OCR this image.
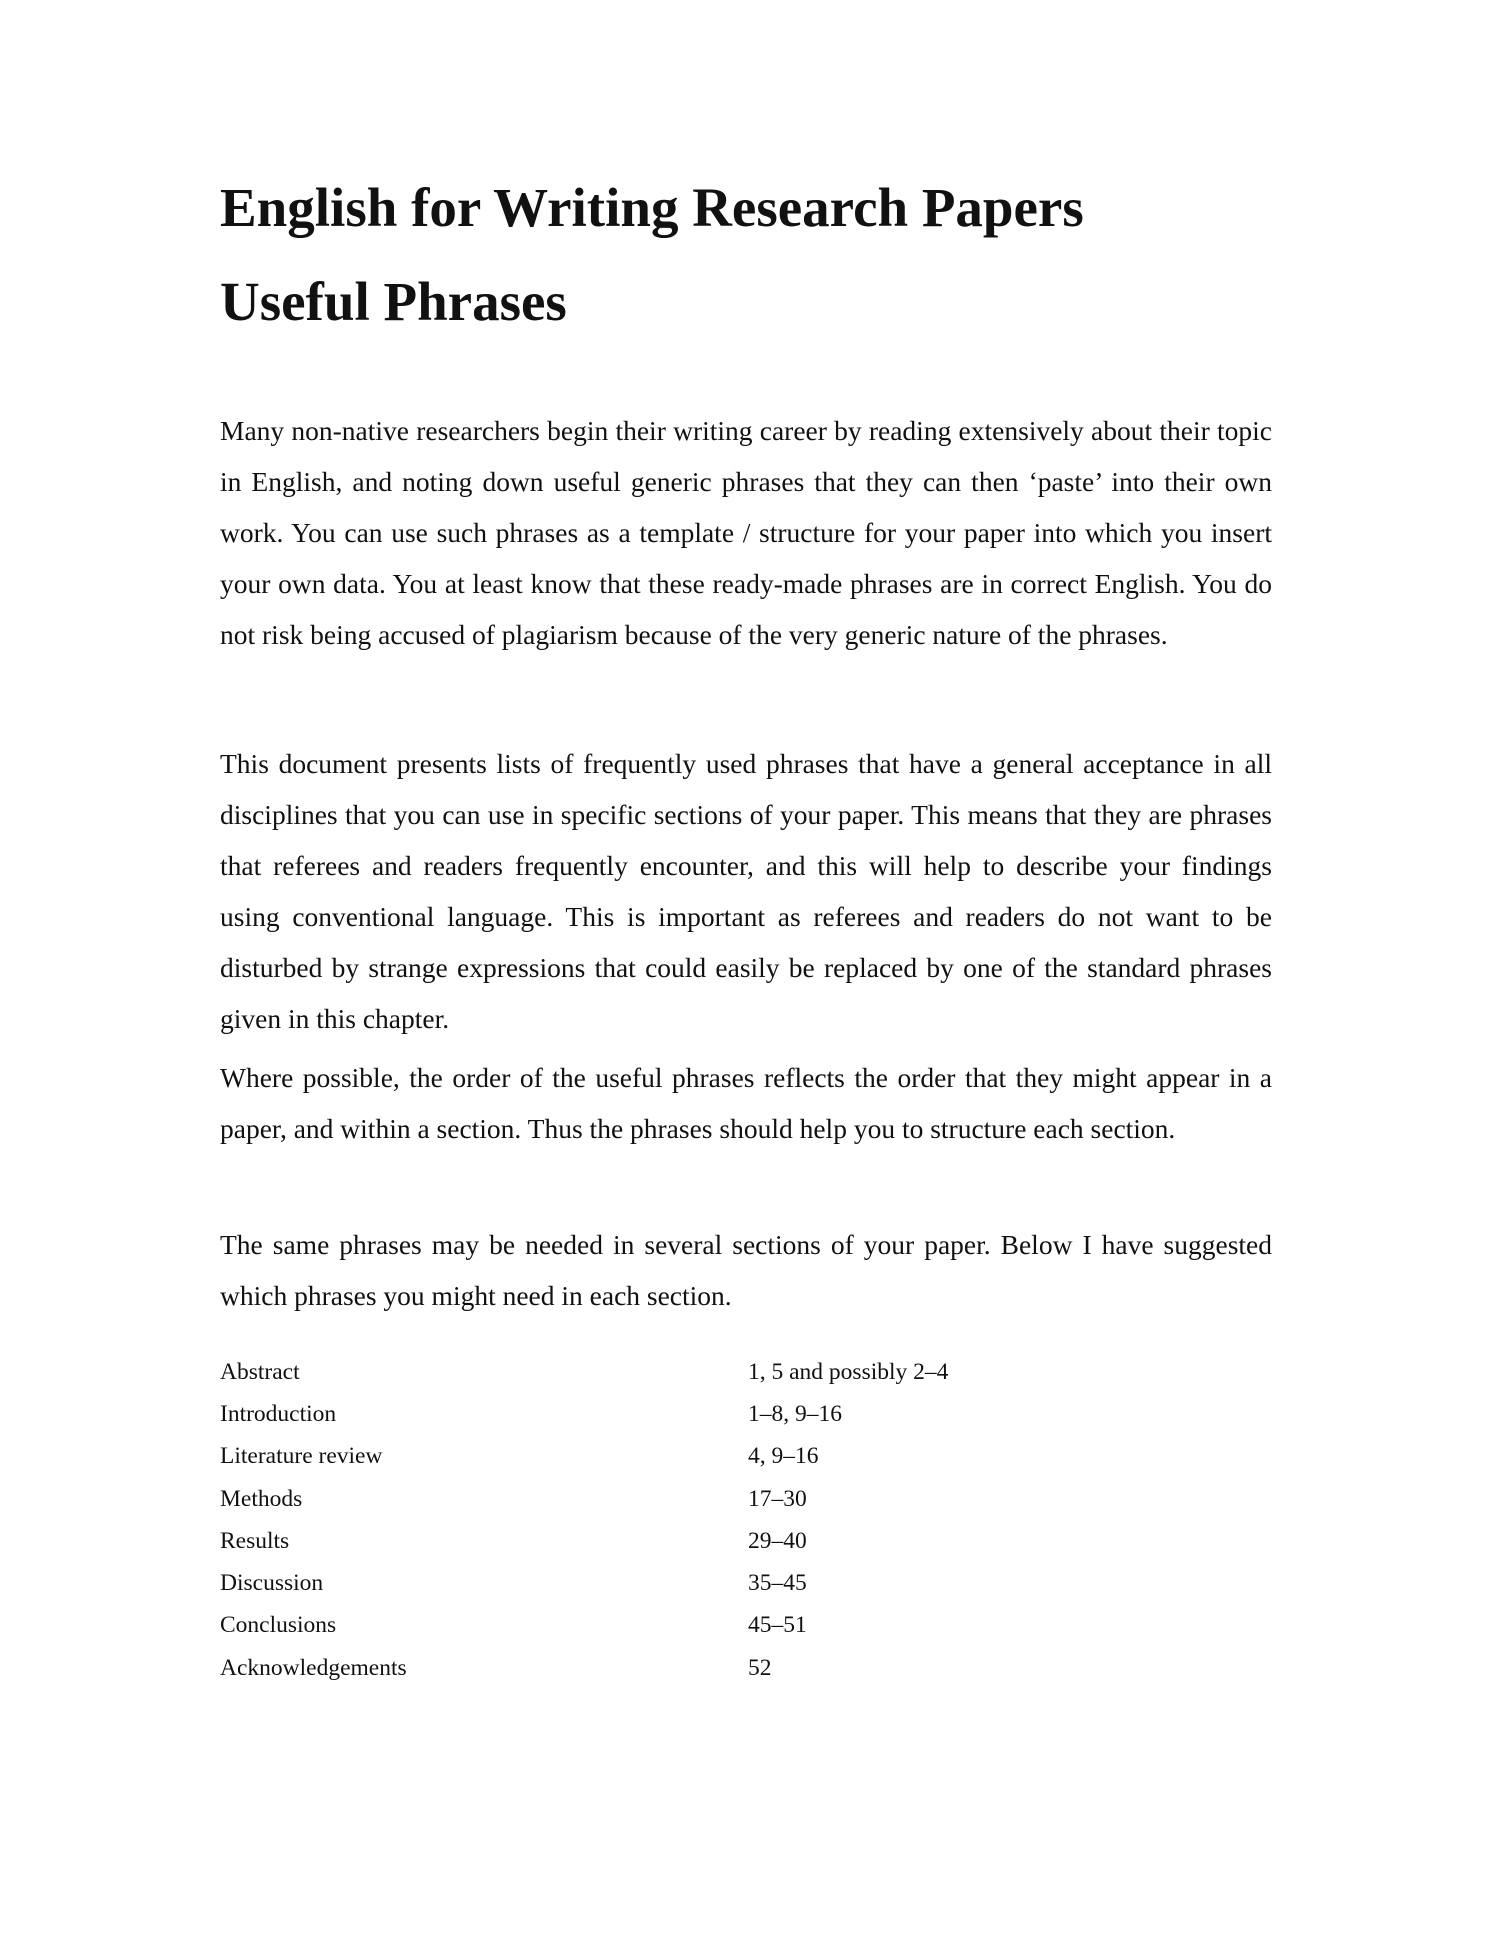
English for Writing Research Papers
Useful Phrases

Many non-native researchers begin their writing career by reading extensively about their topic in English, and noting down useful generic phrases that they can then ‘paste’ into their own work. You can use such phrases as a template / structure for your paper into which you insert your own data. You at least know that these ready-made phrases are in correct English. You do not risk being accused of plagiarism because of the very generic nature of the phrases.

This document presents lists of frequently used phrases that have a general acceptance in all disciplines that you can use in specific sections of your paper. This means that they are phrases that referees and readers frequently encounter, and this will help to describe your findings using conventional language. This is important as referees and readers do not want to be disturbed by strange expressions that could easily be replaced by one of the standard phrases given in this chapter.

Where possible, the order of the useful phrases reflects the order that they might appear in a paper, and within a section. Thus the phrases should help you to structure each section.

The same phrases may be needed in several sections of your paper. Below I have suggested which phrases you might need in each section.

Abstract	1, 5 and possibly 2–4
Introduction	1–8, 9–16
Literature review	4, 9–16
Methods	17–30
Results	29–40
Discussion	35–45
Conclusions	45–51
Acknowledgements	52
